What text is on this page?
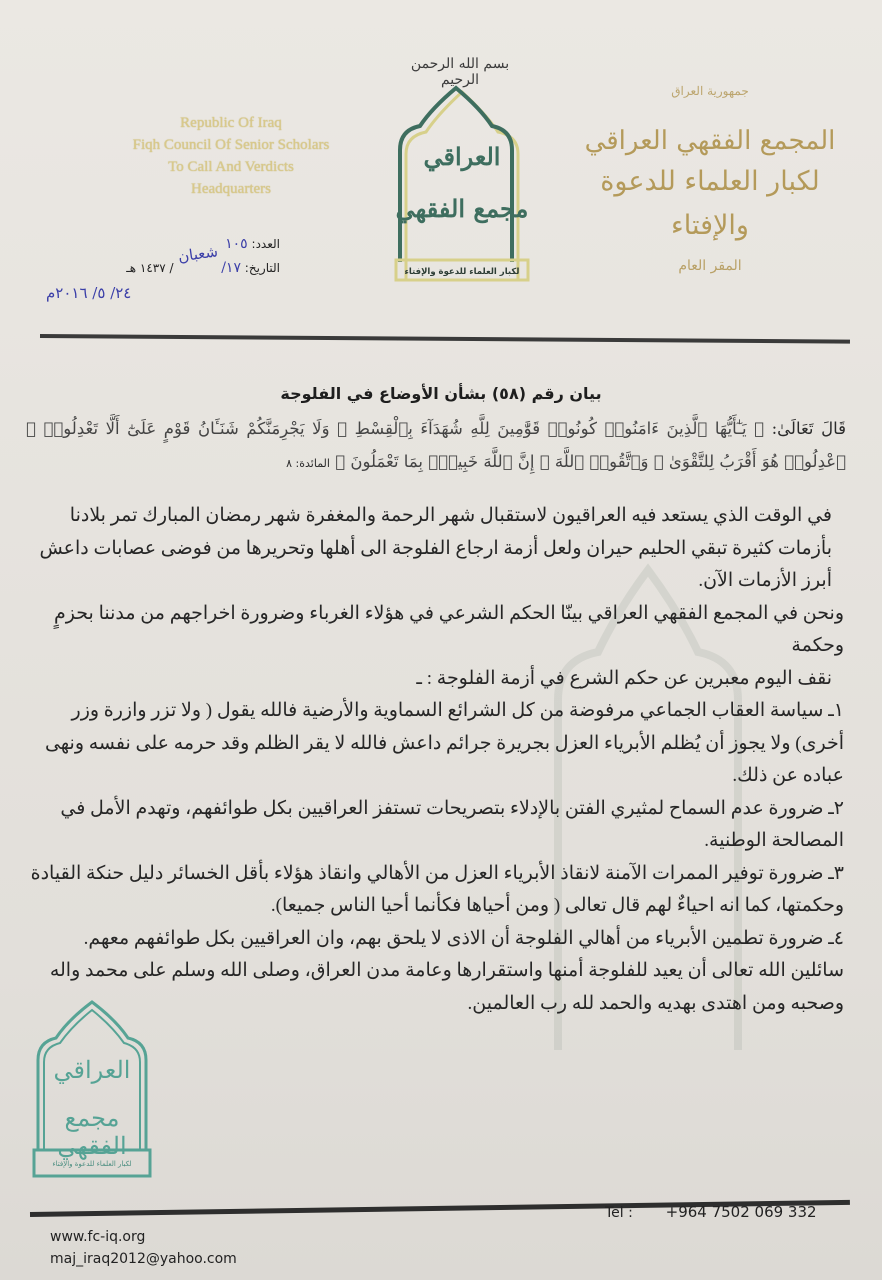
Republic Of Iraq
Fiqh Council Of Senior Scholars
To Call And Verdicts
Headquarters
جمهورية العراق
المجمع الفقهي العراقي
لكبار العلماء للدعوة والإفتاء
المقر العام
بسم الله الرحمن الرحيم
العراقي
مجمع الفقهي
لكبار العلماء للدعوة والإفتاء
العدد: ١٠٥
التاريخ: ١٧/  / ١٤٣٧ هـ
شعبان
٢٤/ ٥/ ٢٠١٦م
بيان رقم (٥٨) بشأن الأوضاع في الفلوجة
قَالَ تَعَالَىٰ: ﴿ يَـٰٓأَيُّهَا ٱلَّذِينَ ءَامَنُوا۟ كُونُوا۟ قَوَّٰمِينَ لِلَّهِ شُهَدَآءَ بِٱلْقِسْطِ ۖ وَلَا يَجْرِمَنَّكُمْ شَنَـَٔانُ قَوْمٍ عَلَىٰٓ أَلَّا تَعْدِلُوا۟ ۚ ٱعْدِلُوا۟ هُوَ أَقْرَبُ لِلتَّقْوَىٰ ۖ وَٱتَّقُوا۟ ٱللَّهَ ۚ إِنَّ ٱللَّهَ خَبِيرٌۢ بِمَا تَعْمَلُونَ ﴾ المائدة: ٨

في الوقت الذي يستعد فيه العراقيون لاستقبال شهر الرحمة والمغفرة شهر رمضان المبارك تمر بلادنا بأزمات كثيرة تبقي الحليم حيران ولعل أزمة ارجاع الفلوجة الى أهلها وتحريرها من فوضى عصابات داعش أبرز الأزمات الآن.

ونحن في المجمع الفقهي العراقي بينّا الحكم الشرعي في هؤلاء الغرباء وضرورة اخراجهم من مدننا بحزمٍ وحكمة

نقف اليوم معبرين عن حكم الشرع في أزمة الفلوجة : ـ

١ـ سياسة العقاب الجماعي مرفوضة من كل الشرائع السماوية والأرضية فالله يقول ( ولا تزر وازرة وزر أخرى) ولا يجوز أن يُظلم الأبرياء العزل بجريرة جرائم داعش فالله لا يقر الظلم وقد حرمه على نفسه ونهى عباده عن ذلك.

٢ـ ضرورة عدم السماح لمثيري الفتن بالإدلاء بتصريحات تستفز العراقيين بكل طوائفهم، وتهدم الأمل في المصالحة الوطنية.

٣ـ ضرورة توفير الممرات الآمنة لانقاذ الأبرياء العزل من الأهالي وانقاذ هؤلاء بأقل الخسائر دليل حنكة القيادة وحكمتها، كما انه احياءٌ لهم قال تعالى ( ومن أحياها فكأنما أحيا الناس جميعا).

٤ـ ضرورة تطمين الأبرياء من أهالي الفلوجة أن الاذى لا يلحق بهم، وان العراقيين بكل طوائفهم معهم.

سائلين الله تعالى أن يعيد للفلوجة أمنها واستقرارها وعامة مدن العراق، وصلى الله وسلم على محمد واله وصحبه ومن اهتدى بهديه والحمد لله رب العالمين.

العراقي
مجمع الفقهي
لكبار العلماء للدعوة والإفتاء
www.fc-iq.org
maj_iraq2012@yahoo.com
Tel : +964 7502 069 332
